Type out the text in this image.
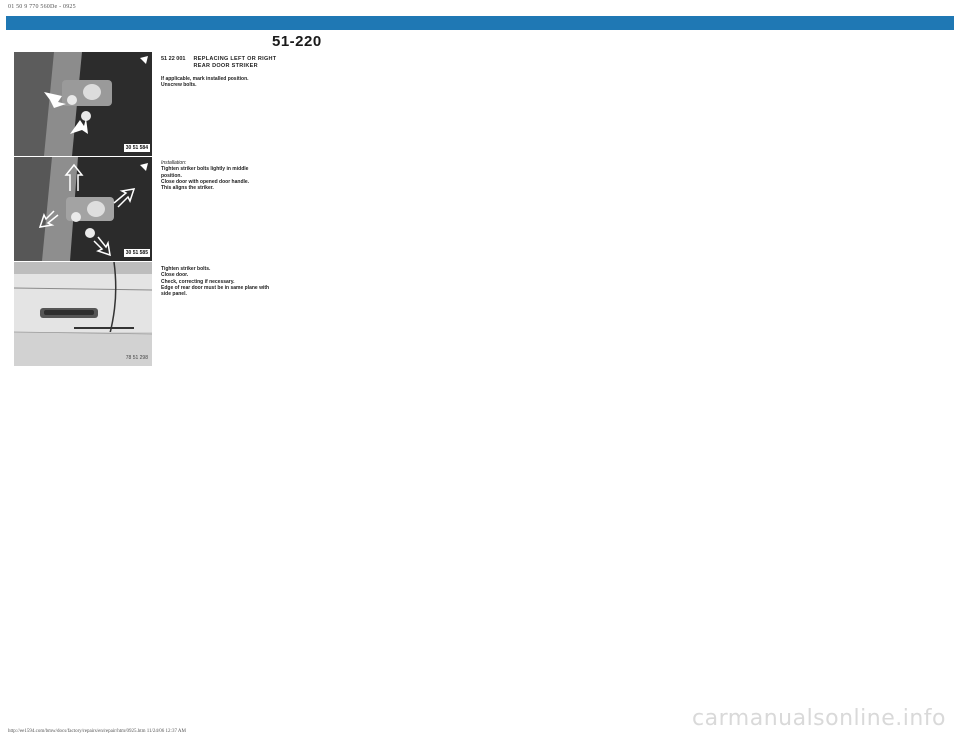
01 50 9 770 560De - 0925
51-220
30 51 584
30 51 585
78 51 298
51 22 001 REPLACING LEFT OR RIGHT
REAR DOOR STRIKER

If applicable, mark installed position.

Unscrew bolts.

Installation:

Tighten striker bolts lightly in middle

position.

Close door with opened door handle.

This aligns the striker.

Tighten striker bolts.

Close door.

Check, correcting if necessary.

Edge of rear door must be in same plane with

side panel.

http://ee1594.com/bmw/docs/factory/repairs/en/repair/htm/0925.htm 11/24/06 12:37 AM
carmanualsonline.info
